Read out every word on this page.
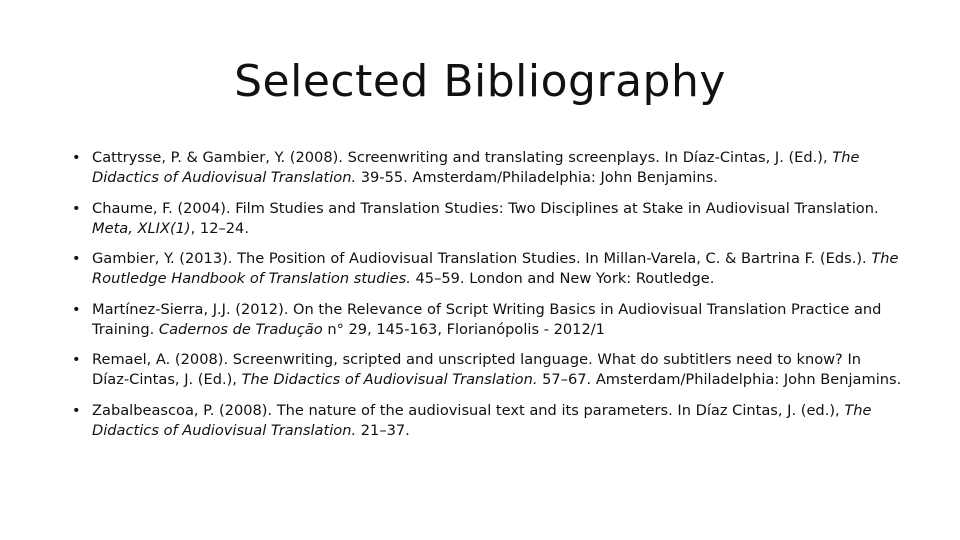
Selected Bibliography
• Cattrysse, P. & Gambier, Y. (2008). Screenwriting and translating screenplays. In Díaz-Cintas, J. (Ed.), The Didactics of Audiovisual Translation. 39-55. Amsterdam/Philadelphia: John Benjamins.
• Chaume, F. (2004). Film Studies and Translation Studies: Two Disciplines at Stake in Audiovisual Translation. Meta, XLIX(1), 12–24.
• Gambier, Y. (2013). The Position of Audiovisual Translation Studies. In Millan-Varela, C. & Bartrina F. (Eds.). The Routledge Handbook of Translation studies. 45–59. London and New York: Routledge.
• Martínez-Sierra, J.J. (2012). On the Relevance of Script Writing Basics in Audiovisual Translation Practice and Training. Cadernos de Tradução n° 29, 145-163, Florianópolis - 2012/1
• Remael, A. (2008). Screenwriting, scripted and unscripted language. What do subtitlers need to know? In Díaz-Cintas, J. (Ed.), The Didactics of Audiovisual Translation. 57–67. Amsterdam/Philadelphia: John Benjamins.
• Zabalbeascoa, P. (2008). The nature of the audiovisual text and its parameters. In Díaz Cintas, J. (ed.), The Didactics of Audiovisual Translation. 21–37.
